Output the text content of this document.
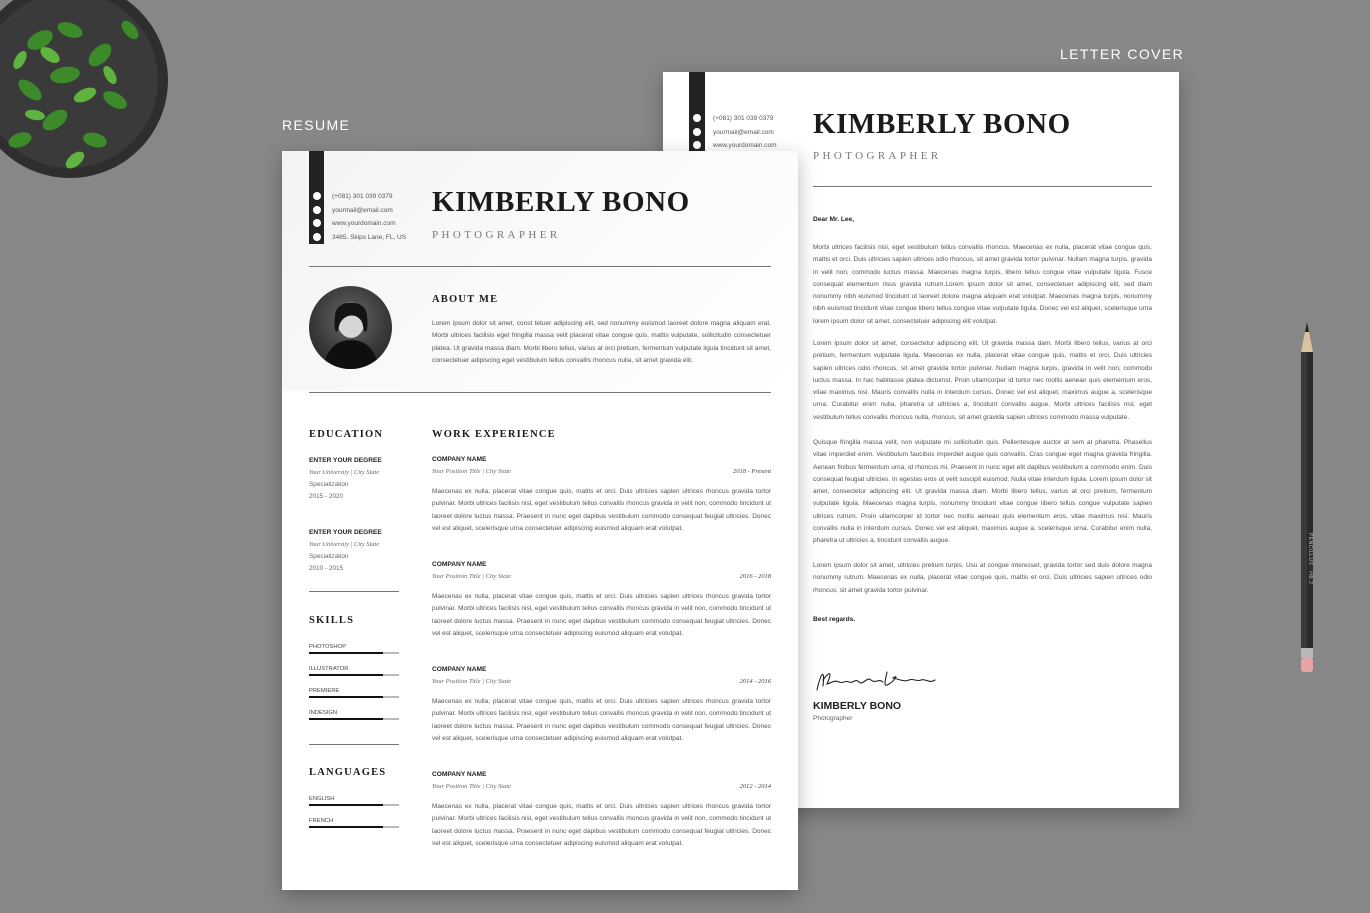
PENCILLUS · HB 2
LETTER COVER
RESUME	(+081) 301 039 0379
yourmail@email.com
www.yourdomain.com
KIMBERLY BONO
PHOTOGRAPHER
Dear Mr. Lee,
Morbi ultrices facilisis nisl, eget vestibulum tellus convallis rhoncus. Maecenas ex nulla, placerat vitae congue quis, mattis et orci. Duis ultricies sapien ultrices odio rhoncus, sit amet gravida tortor pulvinar. Nullam magna turpis, gravida in velit non, commodo luctus massa. Maecenas magna turpis, libero tellus congue vitae vulputate ligula. Fusce consequat elementum risus gravida rutrum.Lorem ipsum dolor sit amet, consectetuer adipiscing elit, sed diam nonummy nibh euismod tincidunt ut laoreet dolore magna aliquam erat volutpat. Maecenas magna turpis, nonummy nibh euismod tincidunt vitae congue libero tellus congue vitae vulputate ligula. Donec vel est aliquet, scelerisque urna lorem ipsum dolor sit amet, consectetuer adipiscing elit volutpat.
Lorem ipsum dolor sit amet, consectetur adipiscing elit. Ut gravida massa dam. Morbi libero tellus, varius at orci pretium, fermentum vulputate ligula. Maecenas ex nulla, placerat vitae congue quis, mattis et orci. Duis ultricies sapien ultrices odio rhoncus, sit amet gravida tortor pulvinar. Nullam magna turpis, gravida in velit non, commodo luctus massa. In hac habitasse platea dictumst. Proin ullamcorper id tortor nec mollis aenean quis elementum eros, vitae maximus nisi. Mauris convallis nulla in interdum cursus. Donec vel est aliquet, maximus augue a, scelerisque urna. Curabitur enim nulla, pharetra ut ultricies a, tincidunt convallis augue. Morbi ultrices facilisis nisl, eget vestibulum tellus convallis rhoncus nulla, rhoncus, sit amet gravida sapien ultrices commodo massa vulputate.
Quisque fringilla massa velit, non vulputate mi sollicitudin quis. Pellentesque auctor at sem at pharetra. Phasellus vitae imperdiet enim. Vestibulum faucibus imperdiet augue quis convallis. Cras congue eget magna gravida fringilla. Aenean finibus fermentum urna, id rhoncus mi. Praesent in nunc eget elit dapibus vestibulum a commodo enim. Duis consequat feugiat ultricies. In egestas eros ut velit suscipit euismod. Nulla vitae interdum ligula. Lorem ipsum dolor sit amet, consectetur adipiscing elit. Ut gravida massa diam. Morbi libero tellus, varius at orci pretium, fermentum vulputate ligula. Maecenas magna turpis, nonummy tincidunt vitae congue libero tellus congue vulputate sapien ultrices rutrum. Proin ullamcorper id tortor nec mollis aenean quis elementum eros, vitae maximus nisi. Mauris convallis nulla in interdum cursus. Donec vel est aliquet, maximus augue a, scelerisque urna. Curabitur enim nulla, pharetra ut ultricies a, tincidunt convallis augue.
Lorem ipsum dolor sit amet, ultricies pretium turpis. Usu at congue interesset, gravida tortor sed duis dolore magna nonummy rutrum. Maecenas ex nulla, placerat vitae congue quis, mattis et orci. Duis ultricies sapien ultrices odio rhoncus, sit amet gravida tortor pulvinar.
Best regards.
KIMBERLY BONO
Photographer
(+081) 301 039 0379
yourmail@email.com
www.yourdomain.com
3485. Skips Lane, FL, US
KIMBERLY BONO
PHOTOGRAPHER
ABOUT ME
Lorem ipsum dolor sit amet, const tetuer adipiscing elit, sed nonummy euismod laoreet dolore magna aliquam erat. Morbi ultrices facilisis eget fringilla massa velit placerat vitae congue quis, mattis vulputate, sollicitudin consectetuer platea. Ut gravida massa diam. Morbi libero tellus, varius at orci pretium, fermentum vulputate ligula tincidunt sit amet, consectetuer adipiscing eget vestibulum tellus convallis rhoncus nulla, sit amet gravida elit.
EDUCATION
ENTER YOUR DEGREE
Your University | City State
Specialization
2015 - 2020
ENTER YOUR DEGREE
Your University | City State
Specialization
2010 - 2015
SKILLS
PHOTOSHOP
ILLUSTRATOR
PREMIERE
INDESIGN
LANGUAGES
ENGLISH
FRENCH
WORK EXPERIENCE
COMPANY NAME
Your Position Title | City State	2018 - Present
Maecenas ex nulla, placerat vitae congue quis, mattis et orci. Duis ultricies sapien ultrices rhoncus gravida tortor pulvinar. Morbi ultrices facilisis nisl, eget vestibulum tellus convallis rhoncus gravida in velit non, commodo tincidunt ut laoreet dolore luctus massa. Praesent in nunc eget dapibus vestibulum commodo consequat feugiat ultricies. Donec vel est aliquet, scelerisque urna consectetuer adipiscing euismod aliquam erat volutpat.
COMPANY NAME
Your Position Title | City State	2016 - 2018
Maecenas ex nulla, placerat vitae congue quis, mattis et orci. Duis ultricies sapien ultrices rhoncus gravida tortor pulvinar. Morbi ultrices facilisis nisl, eget vestibulum tellus convallis rhoncus gravida in velit non, commodo tincidunt ut laoreet dolore luctus massa. Praesent in nunc eget dapibus vestibulum commodo consequat feugiat ultricies. Donec vel est aliquet, scelerisque urna consectetuer adipiscing euismod aliquam erat volutpat.
COMPANY NAME
Your Position Title | City State	2014 - 2016
Maecenas ex nulla, placerat vitae congue quis, mattis et orci. Duis ultricies sapien ultrices rhoncus gravida tortor pulvinar. Morbi ultrices facilisis nisl, eget vestibulum tellus convallis rhoncus gravida in velit non, commodo tincidunt ut laoreet dolore luctus massa. Praesent in nunc eget dapibus vestibulum commodo consequat feugiat ultricies. Donec vel est aliquet, scelerisque urna consectetuer adipiscing euismod aliquam erat volutpat.
COMPANY NAME
Your Position Title | City State	2012 - 2014
Maecenas ex nulla, placerat vitae congue quis, mattis et orci. Duis ultricies sapien ultrices rhoncus gravida tortor pulvinar. Morbi ultrices facilisis nisl, eget vestibulum tellus convallis rhoncus gravida in velit non, commodo tincidunt ut laoreet dolore luctus massa. Praesent in nunc eget dapibus vestibulum commodo consequat feugiat ultricies. Donec vel est aliquet, scelerisque urna consectetuer adipiscing euismod aliquam erat volutpat.
